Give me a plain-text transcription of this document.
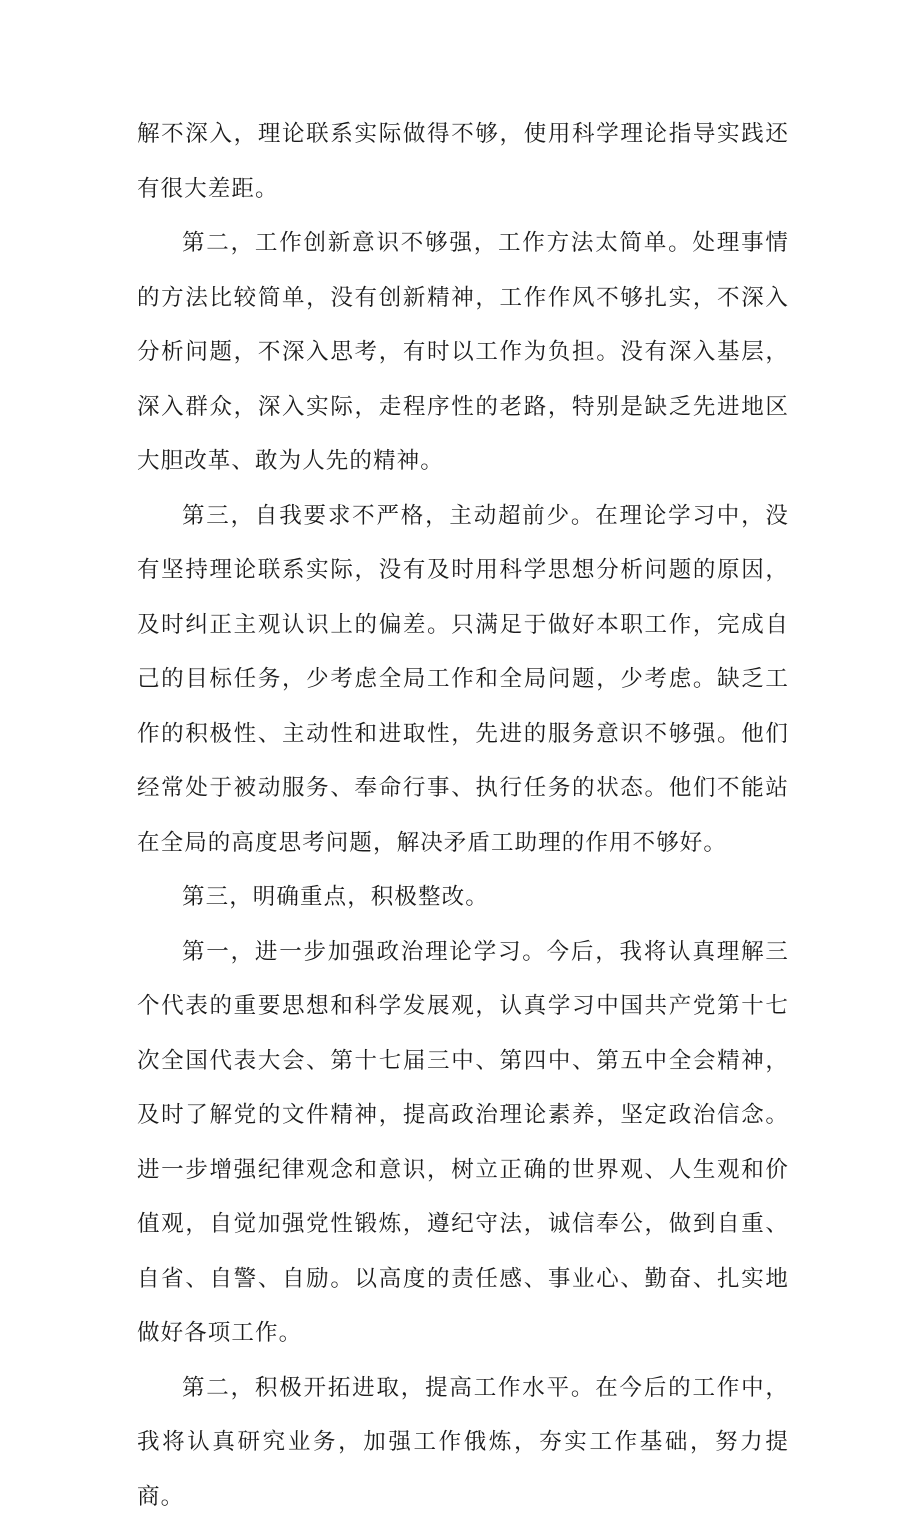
解不深入，理论联系实际做得不够，使用科学理论指导实践还有很大差距。

第二，工作创新意识不够强，工作方法太简单。处理事情的方法比较简单，没有创新精神，工作作风不够扎实，不深入分析问题，不深入思考，有时以工作为负担。没有深入基层，深入群众，深入实际，走程序性的老路，特别是缺乏先进地区大胆改革、敢为人先的精神。

第三，自我要求不严格，主动超前少。在理论学习中，没有坚持理论联系实际，没有及时用科学思想分析问题的原因，及时纠正主观认识上的偏差。只满足于做好本职工作，完成自己的目标任务，少考虑全局工作和全局问题，少考虑。缺乏工作的积极性、主动性和进取性，先进的服务意识不够强。他们经常处于被动服务、奉命行事、执行任务的状态。他们不能站在全局的高度思考问题，解决矛盾工助理的作用不够好。

第三，明确重点，积极整改。

第一，进一步加强政治理论学习。今后，我将认真理解三个代表的重要思想和科学发展观，认真学习中国共产党第十七次全国代表大会、第十七届三中、第四中、第五中全会精神，及时了解党的文件精神，提高政治理论素养，坚定政治信念。进一步增强纪律观念和意识，树立正确的世界观、人生观和价值观，自觉加强党性锻炼，遵纪守法，诚信奉公，做到自重、自省、自警、自励。以高度的责任感、事业心、勤奋、扎实地做好各项工作。

第二，积极开拓进取，提高工作水平。在今后的工作中，我将认真研究业务，加强工作俄炼，夯实工作基础，努力提商。
